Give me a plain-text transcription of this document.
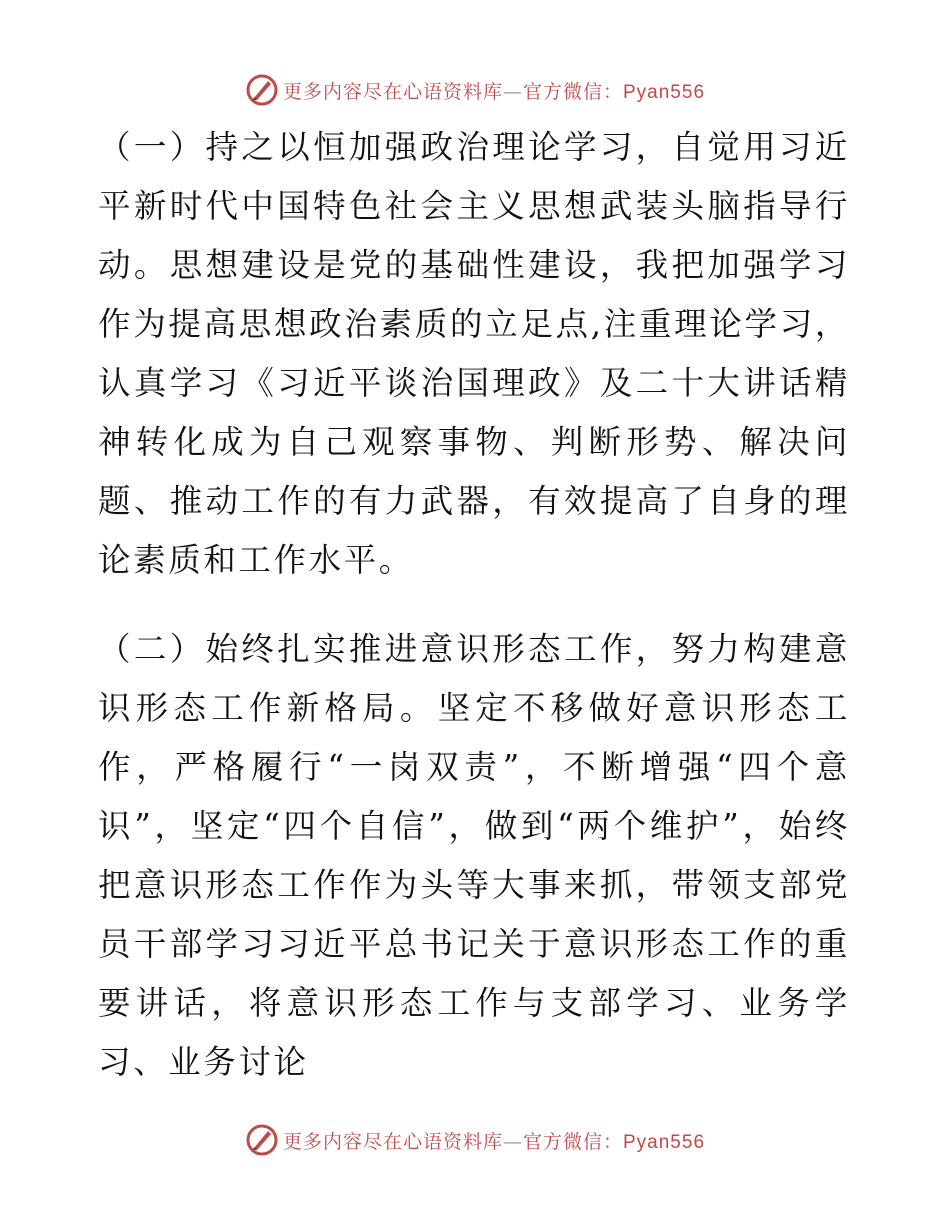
更多内容尽在心语资料库—官方微信：Pyan556

（一）持之以恒加强政治理论学习，自觉用习近平新时代中国特色社会主义思想武装头脑指导行动。思想建设是党的基础性建设，我把加强学习作为提高思想政治素质的立足点,注重理论学习，认真学习《习近平谈治国理政》及二十大讲话精神转化成为自己观察事物、判断形势、解决问题、推动工作的有力武器，有效提高了自身的理论素质和工作水平。

（二）始终扎实推进意识形态工作，努力构建意识形态工作新格局。坚定不移做好意识形态工作，严格履行“一岗双责”，不断增强“四个意识”，坚定“四个自信”，做到“两个维护”，始终把意识形态工作作为头等大事来抓，带领支部党员干部学习习近平总书记关于意识形态工作的重要讲话，将意识形态工作与支部学习、业务学习、业务讨论

更多内容尽在心语资料库—官方微信：Pyan556
